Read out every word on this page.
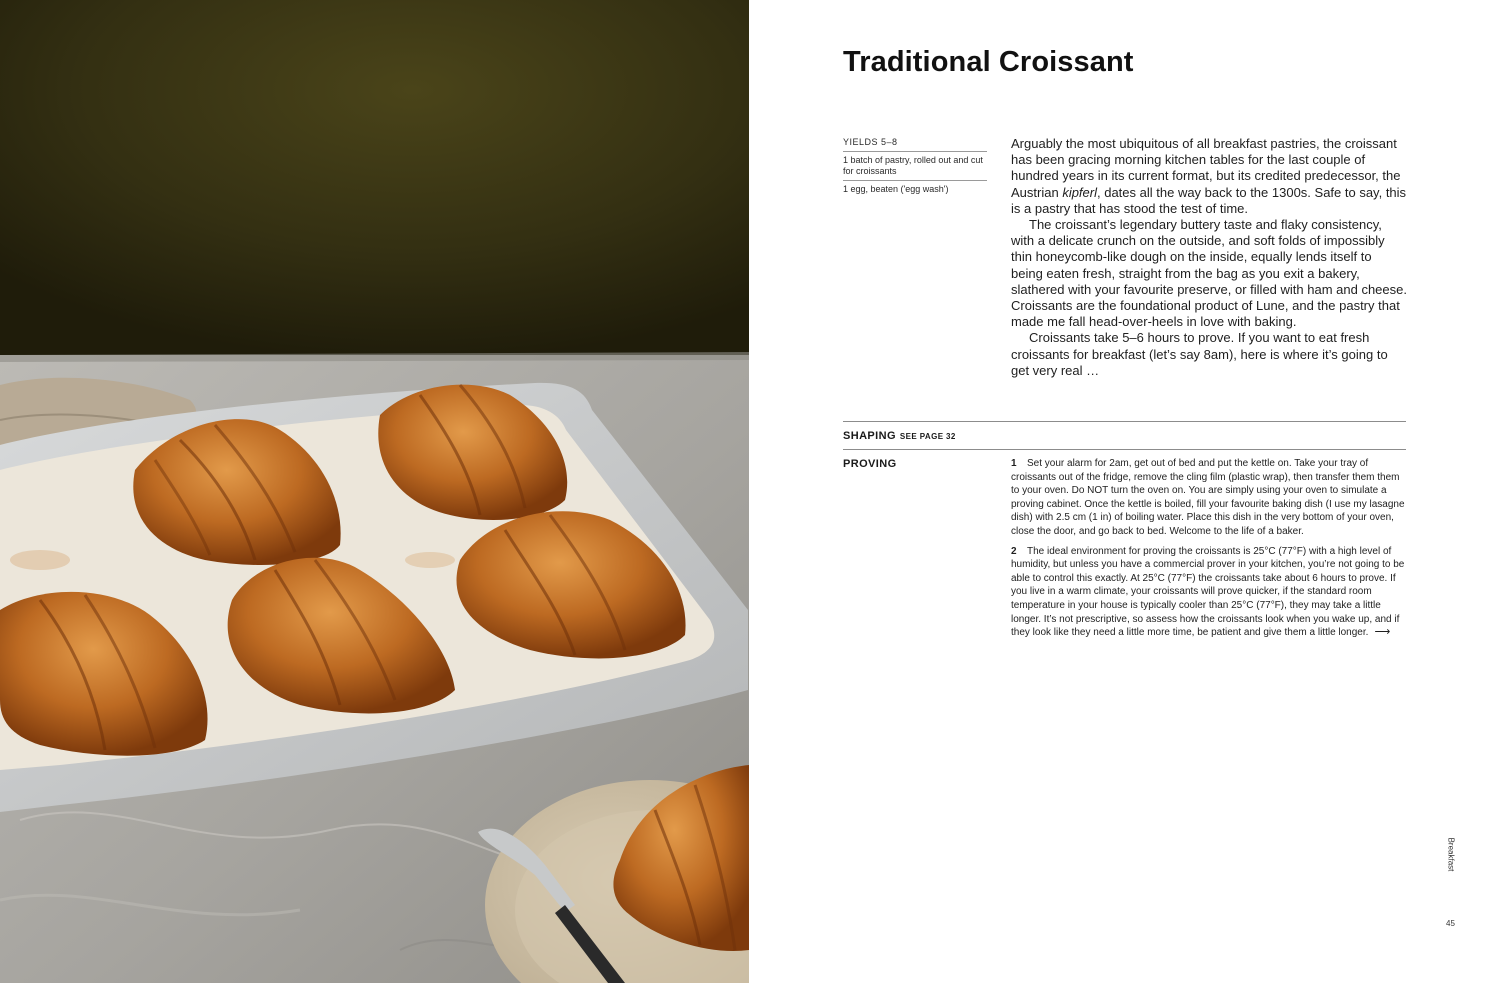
Traditional Croissant
YIELDS 5–8
1 batch of pastry, rolled out and cut for croissants
1 egg, beaten ('egg wash')

Arguably the most ubiquitous of all breakfast pastries, the croissant has been gracing morning kitchen tables for the last couple of hundred years in its current format, but its credited predecessor, the Austrian kipferl, dates all the way back to the 1300s. Safe to say, this is a pastry that has stood the test of time.

The croissant’s legendary buttery taste and flaky consistency, with a delicate crunch on the outside, and soft folds of impossibly thin honeycomb-like dough on the inside, equally lends itself to being eaten fresh, straight from the bag as you exit a bakery, slathered with your favourite preserve, or filled with ham and cheese. Croissants are the foundational product of Lune, and the pastry that made me fall head-over-heels in love with baking.

Croissants take 5–6 hours to prove. If you want to eat fresh croissants for breakfast (let’s say 8am), here is where it’s going to get very real …

SHAPING SEE PAGE 32
PROVING	1 Set your alarm for 2am, get out of bed and put the kettle on. Take your tray of croissants out of the fridge, remove the cling film (plastic wrap), then transfer them them to your oven. Do NOT turn the oven on. You are simply using your oven to simulate a proving cabinet. Once the kettle is boiled, fill your favourite baking dish (I use my lasagne dish) with 2.5 cm (1 in) of boiling water. Place this dish in the very bottom of your oven, close the door, and go back to bed. Welcome to the life of a baker.

2 The ideal environment for proving the croissants is 25°C (77°F) with a high level of humidity, but unless you have a commercial prover in your kitchen, you’re not going to be able to control this exactly. At 25°C (77°F) the croissants take about 6 hours to prove. If you live in a warm climate, your croissants will prove quicker, if the standard room temperature in your house is typically cooler than 25°C (77°F), they may take a little longer. It’s not prescriptive, so assess how the croissants look when you wake up, and if they look like they need a little more time, be patient and give them a little longer. ⟶

Breakfast
45
